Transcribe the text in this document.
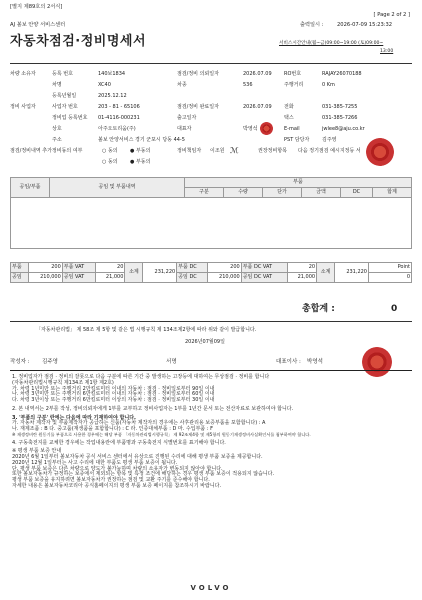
[별지 제89호의 2서식]
[ Page 2 of 2 ]
AJ 볼보 안양 서비스센터	출력일시 :	2026-07-09 15:23:32
자동차점검·정비명세서	서비스시간안내(월~금)09:00~19:00 (토)09:00~
13:00
차량 소유자	등록 번호	140보1834	점검/정비 의뢰일자	2026.07.09 RO번호	RAJAY26070188
차명	XC40	차종	536	주행거리	0 Km
등록년월일	2025.12.12
정비 사업자	사업자 번호	203 - 81 - 65106	점검/정비 완료일자	2026.07.09 전화	031-385-7255
정비업 등록번호 01-4116-000231	출고일자	택스	031-385-7266
상호	아주오토리움(주)	대표자	박영석	E-mail	jwlee8@aju.co.kr
주소	볼보 안양서비스 경기 군포시 당동 44-5	PST 담당자	김주영
점검/정비내역 추가정비동의 여부	○ 동의 ● 부동의
○ 동의 ● 부동의
정비책임자 이조원 ℳ	권장정비항목 다음 정기점검 예시지정등 서
공임/부품	공임 및 부품내역	부품					
		구분	수량	단가	금액	DC	합계

부품	200	부품 VAT	20	소계	231,220	부품 DC	200	부품 DC VAT	20	소계	231,220	Point
공임	210,000	공임 VAT	21,000			공임 DC	210,000	공임 DC VAT	21,000			0
총합계 :	0
「자동차관리법」 제 58조 제 5항 및 같은 법 시행규칙 제 134조제2항에 따라 위와 같이 발급합니다.
2026년07월09일
작성자 : 김주영	서명	대표이사 : 박영석
1. 정비업자가 점검 · 정비의 잘못으로 다음 구분에 따른 기간 중 발생하는 고장등에 대하여는 무상점검 · 정비를 합니다
(자동차관리법시행규칙 제134조 제1항 제2호)
가. 차령 1년미만 또는 주행거리 2만킬로미터 이내의 자동차 : 점검 · 정비일로부터 90일 이내
나. 차령 3년미만 또는 주행거리 6만킬로미터 이내의 자동차 : 점검 · 정비일로부터 60일 이내
다. 차령 3년이상 또는 주행거리 6만킬로미터 이상의 자동차 : 점검 · 정비일로부터 30일 이내
2. 본 내역서는 2부를 작성, 정비의뢰자에게 1부를 교부하고 정비사업자는 1부를 1년간 문서 또는 전산자료로 보관하여야 합니다.
3. '부품의 구분' 란에는 다음에 따라 기재하여야 합니다.
가. 자동차 제작자 및 부품제작자가 공급하는 신품(자동차 제작자의 경우에는 사후관리용 보증부품을 포함합니다) : A
나. 재제조품 : B 다. 중고품(재생품을 포함합니다) : C 라. 인증대체부품 : D 마. 수입부품 : F
※ 재생정비란 원동기를 부품으로 사용한 경우에는 해당 부품 「자동차관리법시행규칙」 제 92조제4항 및 제5항의 원동기재생정비사실확인서를 첨부하여야 합니다.
4. 구동축전지를 교체한 경우에는 작업내용란에 부품명과 구동축전지 식별번호를 표기해야 합니다.
※ 평생 부품 보증 안내
2020년 6월 1일부터 볼보자동차 공식 서비스 센터에서 유상으로 진행된 수리에 대해 평생 부품 보증을 제공합니다.
2020년 12월 1일부터는 사고 수리에 대한 부품도 평생 부품 보증이 됩니다.
단, 평생 부품 보증은 다른 차량으로 양도가 불가능하며 차량의 소유자가 변동되지 않아야 합니다.
또한 볼보자동차가 규정하는 보증에서 제외되는 항목 및 특정 조건에 해당하는 경우 평생 부품 보증이 적용되지 않습니다.
평생 부품 보증을 유지하려면 볼보자동차가 권장하는 점검 및 교환 주기를 준수해야 합니다.
자세한 내용은 볼보자동차코리아 공식홈페이지의 평생 부품 보증 페이지를 참조하시기 바랍니다.
VOLVO
